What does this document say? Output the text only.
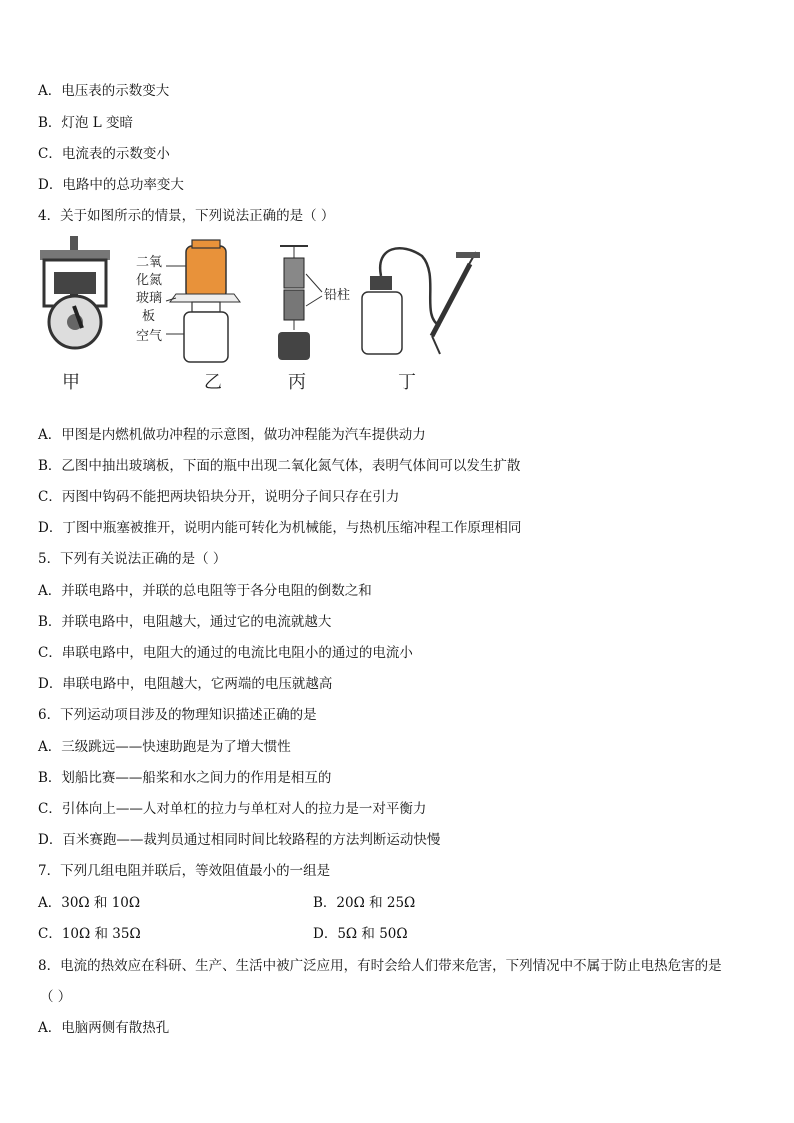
A．电压表的示数变大
B．灯泡 L 变暗
C．电流表的示数变小
D．电路中的总功率变大
4．关于如图所示的情景，下列说法正确的是（ ）
甲
二氧
化氮
玻璃
板
空气
乙
铅柱
丙	丁
A．甲图是内燃机做功冲程的示意图，做功冲程能为汽车提供动力
B．乙图中抽出玻璃板，下面的瓶中出现二氧化氮气体，表明气体间可以发生扩散
C．丙图中钩码不能把两块铅块分开，说明分子间只存在引力
D．丁图中瓶塞被推开，说明内能可转化为机械能，与热机压缩冲程工作原理相同
5．下列有关说法正确的是（ ）
A．并联电路中，并联的总电阻等于各分电阻的倒数之和
B．并联电路中，电阻越大，通过它的电流就越大
C．串联电路中，电阻大的通过的电流比电阻小的通过的电流小
D．串联电路中，电阻越大，它两端的电压就越高
6．下列运动项目涉及的物理知识描述正确的是
A．三级跳远——快速助跑是为了增大惯性
B．划船比赛——船桨和水之间力的作用是相互的
C．引体向上——人对单杠的拉力与单杠对人的拉力是一对平衡力
D．百米赛跑——裁判员通过相同时间比较路程的方法判断运动快慢
7．下列几组电阻并联后，等效阻值最小的一组是
A．30Ω 和 10Ω	B．20Ω 和 25Ω
C．10Ω 和 35Ω	D．5Ω 和 50Ω
8．电流的热效应在科研、生产、生活中被广泛应用，有时会给人们带来危害，下列情况中不属于防止电热危害的是
（ ）
A．电脑两侧有散热孔
